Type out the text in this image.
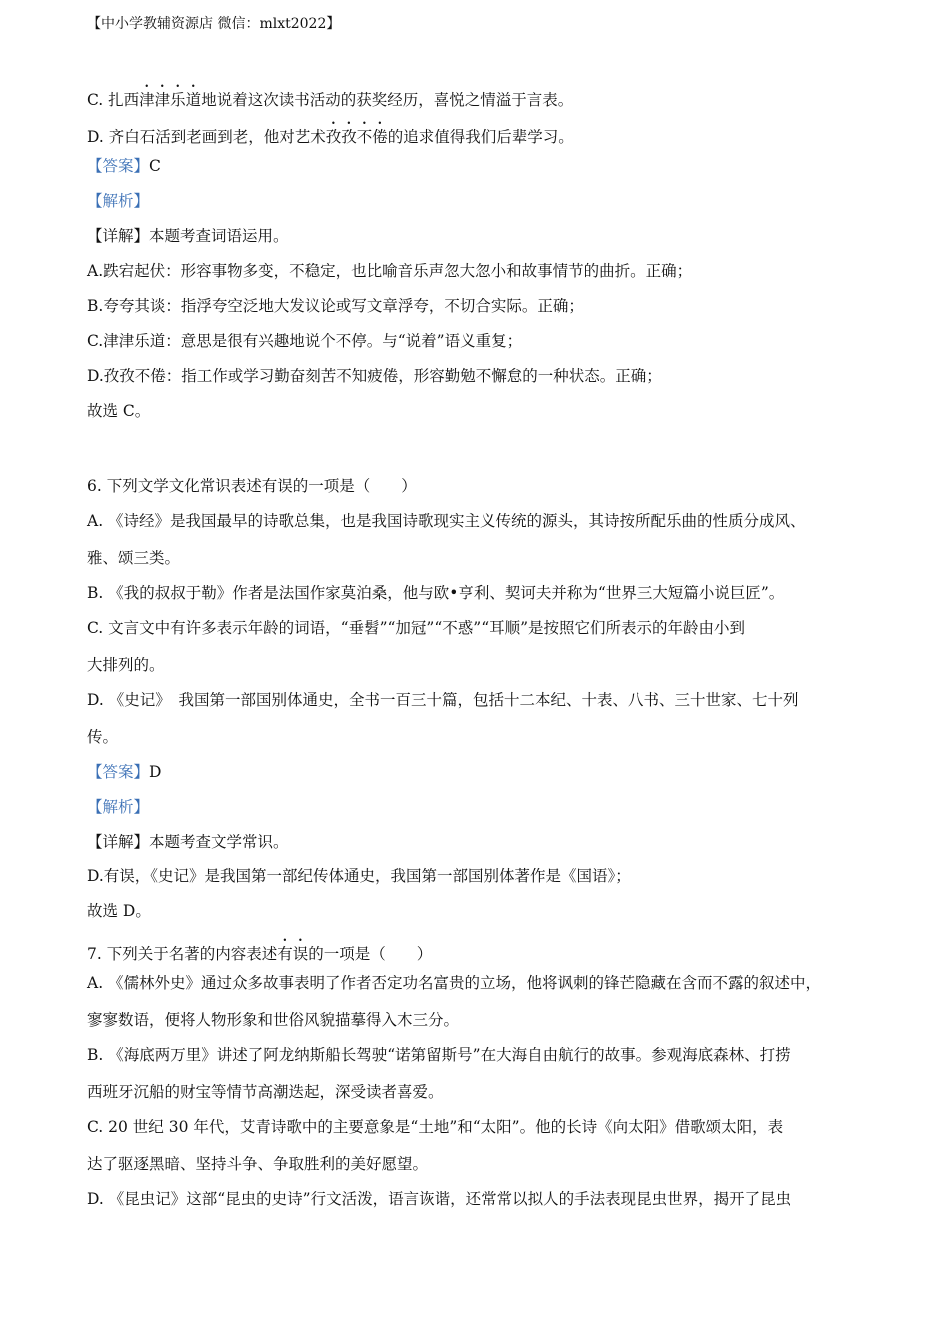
【中小学教辅资源店 微信：mlxt2022】
C. 扎西津津乐道地说着这次读书活动的获奖经历，喜悦之情溢于言表。
D. 齐白石活到老画到老，他对艺术孜孜不倦的追求值得我们后辈学习。
【答案】C
【解析】
【详解】本题考查词语运用。
A.跌宕起伏：形容事物多变，不稳定，也比喻音乐声忽大忽小和故事情节的曲折。正确；
B.夸夸其谈：指浮夸空泛地大发议论或写文章浮夸，不切合实际。正确；
C.津津乐道：意思是很有兴趣地说个不停。与“说着”语义重复；
D.孜孜不倦：指工作或学习勤奋刻苦不知疲倦，形容勤勉不懈怠的一种状态。正确；
故选 C。
6. 下列文学文化常识表述有误的一项是（　　）
A. 《诗经》是我国最早的诗歌总集，也是我国诗歌现实主义传统的源头，其诗按所配乐曲的性质分成风、
雅、颂三类。
B. 《我的叔叔于勒》作者是法国作家莫泊桑，他与欧•亨利、契诃夫并称为“世界三大短篇小说巨匠”。
C. 文言文中有许多表示年龄的词语，“垂髫”“加冠”“不惑”“耳顺”是按照它们所表示的年龄由小到
大排列的。
D. 《史记》　我国第一部国别体通史，全书一百三十篇，包括十二本纪、十表、八书、三十世家、七十列
传。
【答案】D
【解析】
【详解】本题考查文学常识。
D.有误，《史记》是我国第一部纪传体通史，我国第一部国别体著作是《国语》；
故选 D。
7. 下列关于名著的内容表述有误的一项是（　　）
A. 《儒林外史》通过众多故事表明了作者否定功名富贵的立场，他将讽刺的锋芒隐藏在含而不露的叙述中，
寥寥数语，便将人物形象和世俗风貌描摹得入木三分。
B. 《海底两万里》讲述了阿龙纳斯船长驾驶“诺第留斯号”在大海自由航行的故事。参观海底森林、打捞
西班牙沉船的财宝等情节高潮迭起，深受读者喜爱。
C. 20 世纪 30 年代，艾青诗歌中的主要意象是“土地”和“太阳”。他的长诗《向太阳》借歌颂太阳，表
达了驱逐黑暗、坚持斗争、争取胜利的美好愿望。
D. 《昆虫记》这部“昆虫的史诗”行文活泼，语言诙谐，还常常以拟人的手法表现昆虫世界，揭开了昆虫
